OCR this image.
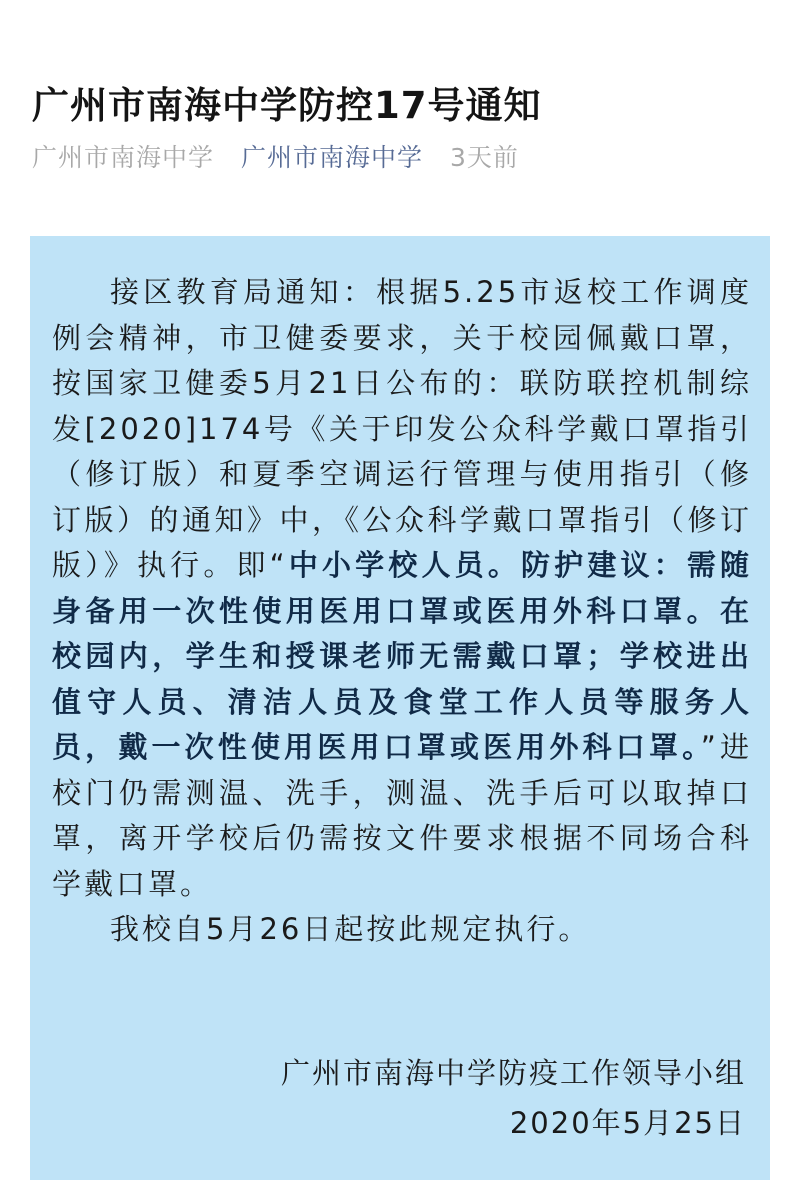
广州市南海中学防控17号通知
广州市南海中学 广州市南海中学 3天前

接区教育局通知：根据5.25市返校工作调度例会精神，市卫健委要求，关于校园佩戴口罩，按国家卫健委5月21日公布的：联防联控机制综发[2020]174号《关于印发公众科学戴口罩指引（修订版）和夏季空调运行管理与使用指引（修订版）的通知》中，《公众科学戴口罩指引（修订版）》执行。即“中小学校人员。防护建议：需随身备用一次性使用医用口罩或医用外科口罩。在校园内，学生和授课老师无需戴口罩；学校进出值守人员、清洁人员及食堂工作人员等服务人员，戴一次性使用医用口罩或医用外科口罩。”进校门仍需测温、洗手，测温、洗手后可以取掉口罩，离开学校后仍需按文件要求根据不同场合科学戴口罩。

我校自5月26日起按此规定执行。

广州市南海中学防疫工作领导小组
2020年5月25日
